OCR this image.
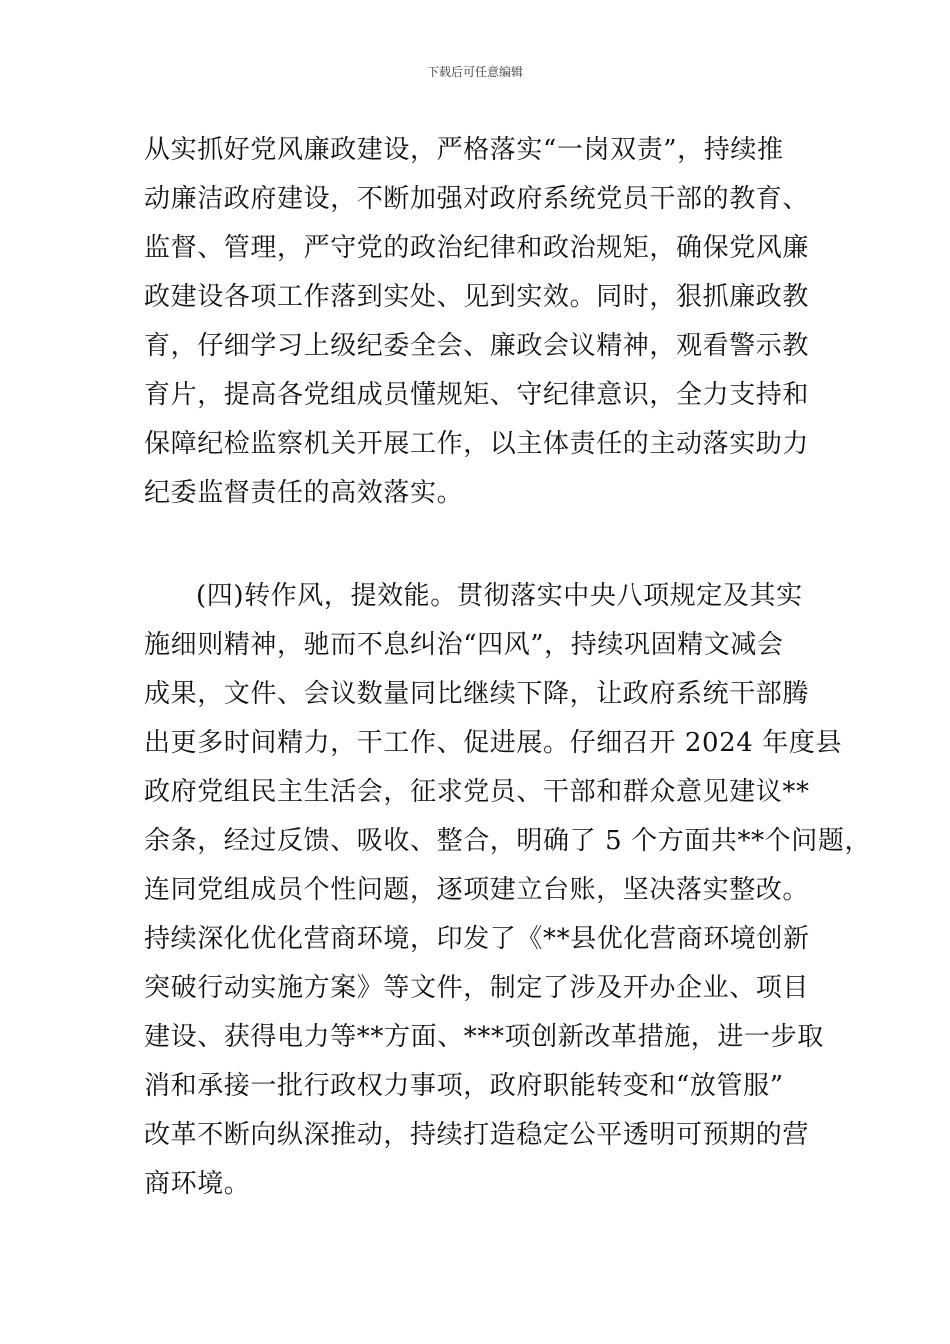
下载后可任意编辑
从实抓好党风廉政建设，严格落实“一岗双责”，持续推
动廉洁政府建设，不断加强对政府系统党员干部的教育、
监督、管理，严守党的政治纪律和政治规矩，确保党风廉
政建设各项工作落到实处、见到实效。同时，狠抓廉政教
育，仔细学习上级纪委全会、廉政会议精神，观看警示教
育片，提高各党组成员懂规矩、守纪律意识，全力支持和
保障纪检监察机关开展工作，以主体责任的主动落实助力
纪委监督责任的高效落实。
(四)转作风，提效能。贯彻落实中央八项规定及其实
施细则精神，驰而不息纠治“四风”，持续巩固精文减会
成果，文件、会议数量同比继续下降，让政府系统干部腾
出更多时间精力，干工作、促进展。仔细召开 2024 年度县
政府党组民主生活会，征求党员、干部和群众意见建议**
余条，经过反馈、吸收、整合，明确了 5 个方面共**个问题，
连同党组成员个性问题，逐项建立台账，坚决落实整改。
持续深化优化营商环境，印发了《**县优化营商环境创新
突破行动实施方案》等文件，制定了涉及开办企业、项目
建设、获得电力等**方面、***项创新改革措施，进一步取
消和承接一批行政权力事项，政府职能转变和“放管服”
改革不断向纵深推动，持续打造稳定公平透明可预期的营
商环境。
